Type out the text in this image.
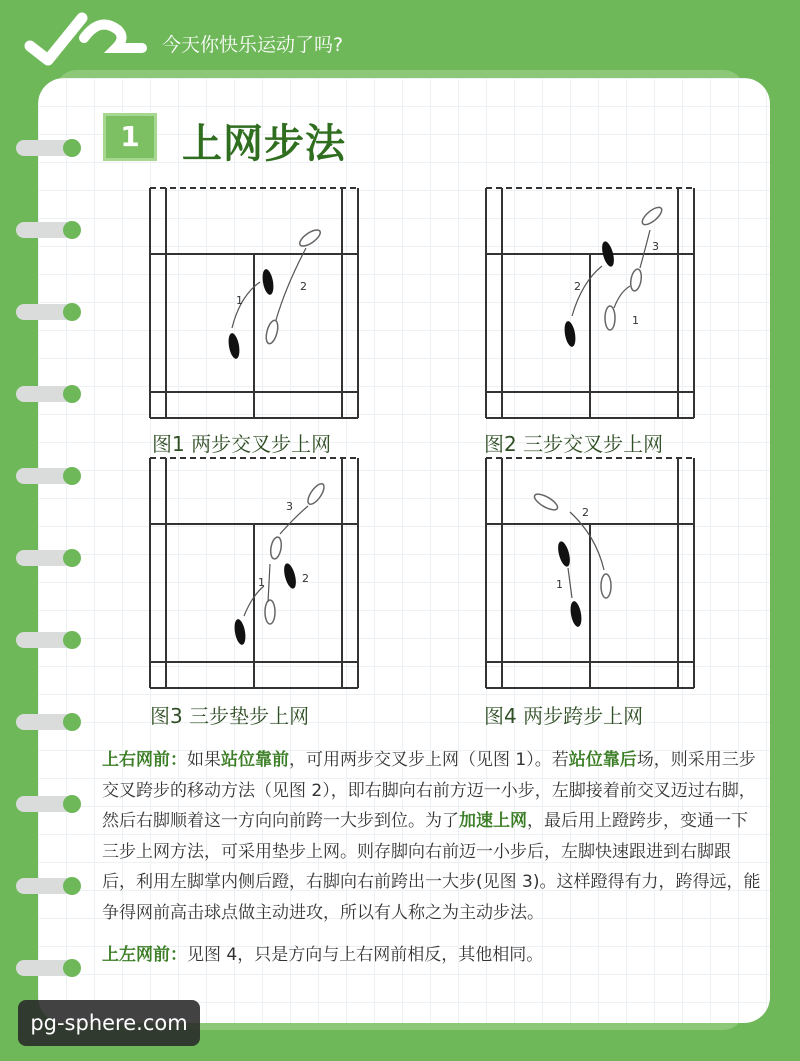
今天你快乐运动了吗?
1	上网步法
1
2	2
1
3
1	2
3
1
2
图1 两步交叉步上网	图2 三步交叉步上网
图3 三步垫步上网	图4 两步跨步上网

上右网前：如果站位靠前，可用两步交叉步上网（见图 1）。若站位靠后场，则采用三步交叉跨步的移动方法（见图 2），即右脚向右前方迈一小步，左脚接着前交叉迈过右脚，然后右脚顺着这一方向向前跨一大步到位。为了加速上网，最后用上蹬跨步，变通一下三步上网方法，可采用垫步上网。则存脚向右前迈一小步后，左脚快速跟进到右脚跟后，利用左脚掌内侧后蹬，右脚向右前跨出一大步(见图 3)。这样蹬得有力，跨得远，能争得网前高击球点做主动进攻，所以有人称之为主动步法。

上左网前：见图 4，只是方向与上右网前相反，其他相同。

pg-sphere.com
